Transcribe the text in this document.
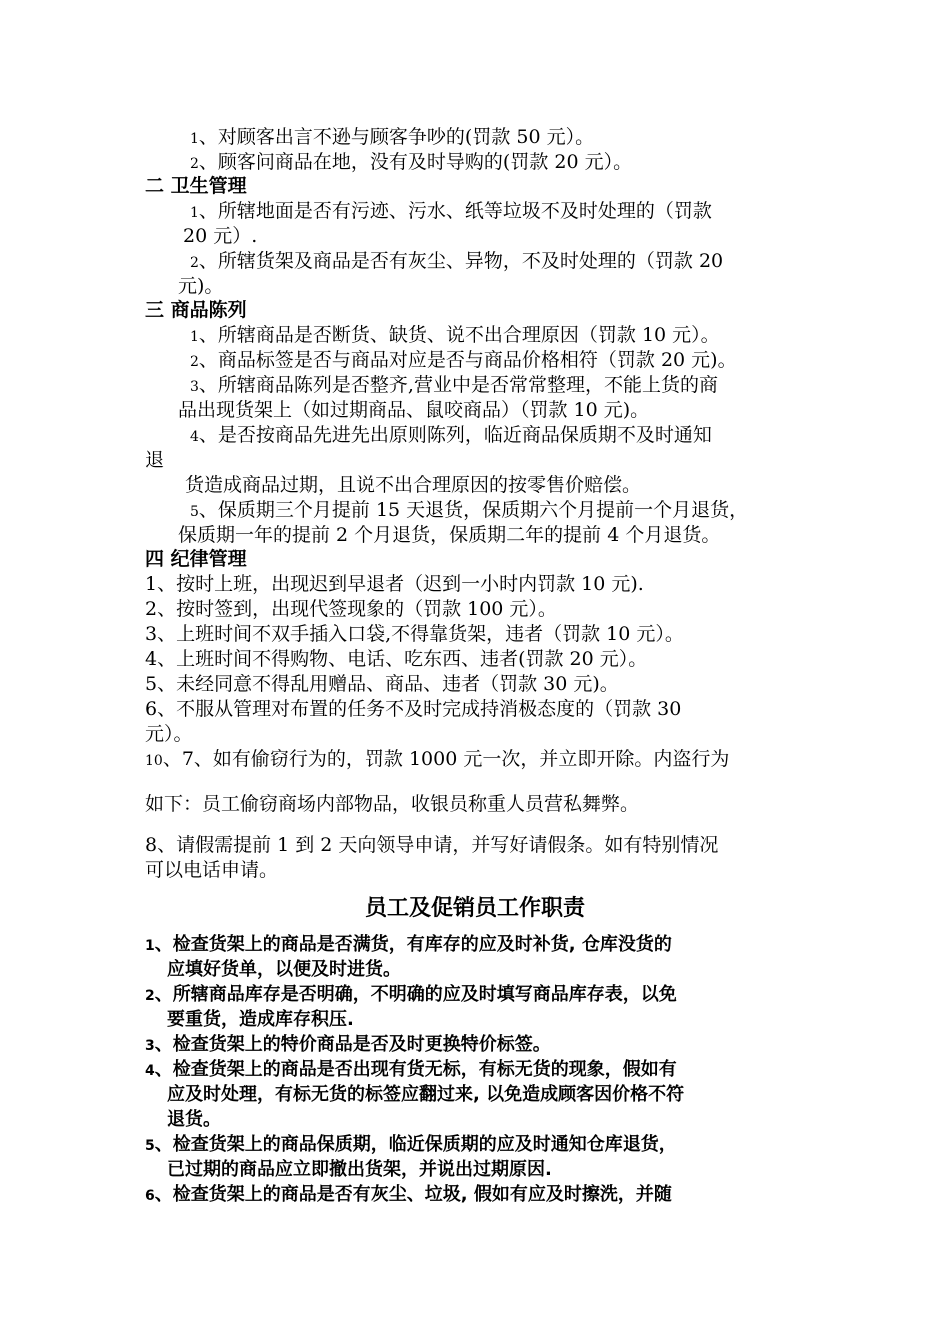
1、对顾客出言不逊与顾客争吵的(罚款 50 元）。
2、顾客问商品在地，没有及时导购的(罚款 20 元）。
二 卫生管理
1、所辖地面是否有污迹、污水、纸等垃圾不及时处理的（罚款
20 元）.
2、所辖货架及商品是否有灰尘、异物，不及时处理的（罚款 20
元)。
三 商品陈列
1、所辖商品是否断货、缺货、说不出合理原因（罚款 10 元）。
2、商品标签是否与商品对应是否与商品价格相符（罚款 20 元)。
3、所辖商品陈列是否整齐,营业中是否常常整理，不能上货的商
品出现货架上（如过期商品、鼠咬商品）（罚款 10 元)。
4、是否按商品先进先出原则陈列，临近商品保质期不及时通知
退
货造成商品过期，且说不出合理原因的按零售价赔偿。
5、保质期三个月提前 15 天退货，保质期六个月提前一个月退货，
保质期一年的提前 2 个月退货，保质期二年的提前 4 个月退货。
四 纪律管理
1、按时上班，出现迟到早退者（迟到一小时内罚款 10 元).
2、按时签到，出现代签现象的（罚款 100 元）。
3、上班时间不双手插入口袋,不得靠货架，违者（罚款 10 元）。
4、上班时间不得购物、电话、吃东西、违者(罚款 20 元）。
5、未经同意不得乱用赠品、商品、违者（罚款 30 元)。
6、不服从管理对布置的任务不及时完成持消极态度的（罚款 30
元）。
10、7、如有偷窃行为的，罚款 1000 元一次，并立即开除。内盗行为
如下：员工偷窃商场内部物品，收银员称重人员营私舞弊。
8、请假需提前 1 到 2 天向领导申请，并写好请假条。如有特别情况
可以电话申请。
员工及促销员工作职责
1、检查货架上的商品是否满货，有库存的应及时补货, 仓库没货的
应填好货单，以便及时进货。
2、所辖商品库存是否明确，不明确的应及时填写商品库存表，以免
要重货，造成库存积压.
3、检查货架上的特价商品是否及时更换特价标签。
4、检查货架上的商品是否出现有货无标，有标无货的现象，假如有
应及时处理，有标无货的标签应翻过来, 以免造成顾客因价格不符
退货。
5、检查货架上的商品保质期，临近保质期的应及时通知仓库退货，
已过期的商品应立即撤出货架，并说出过期原因.
6、检查货架上的商品是否有灰尘、垃圾, 假如有应及时擦洗，并随
